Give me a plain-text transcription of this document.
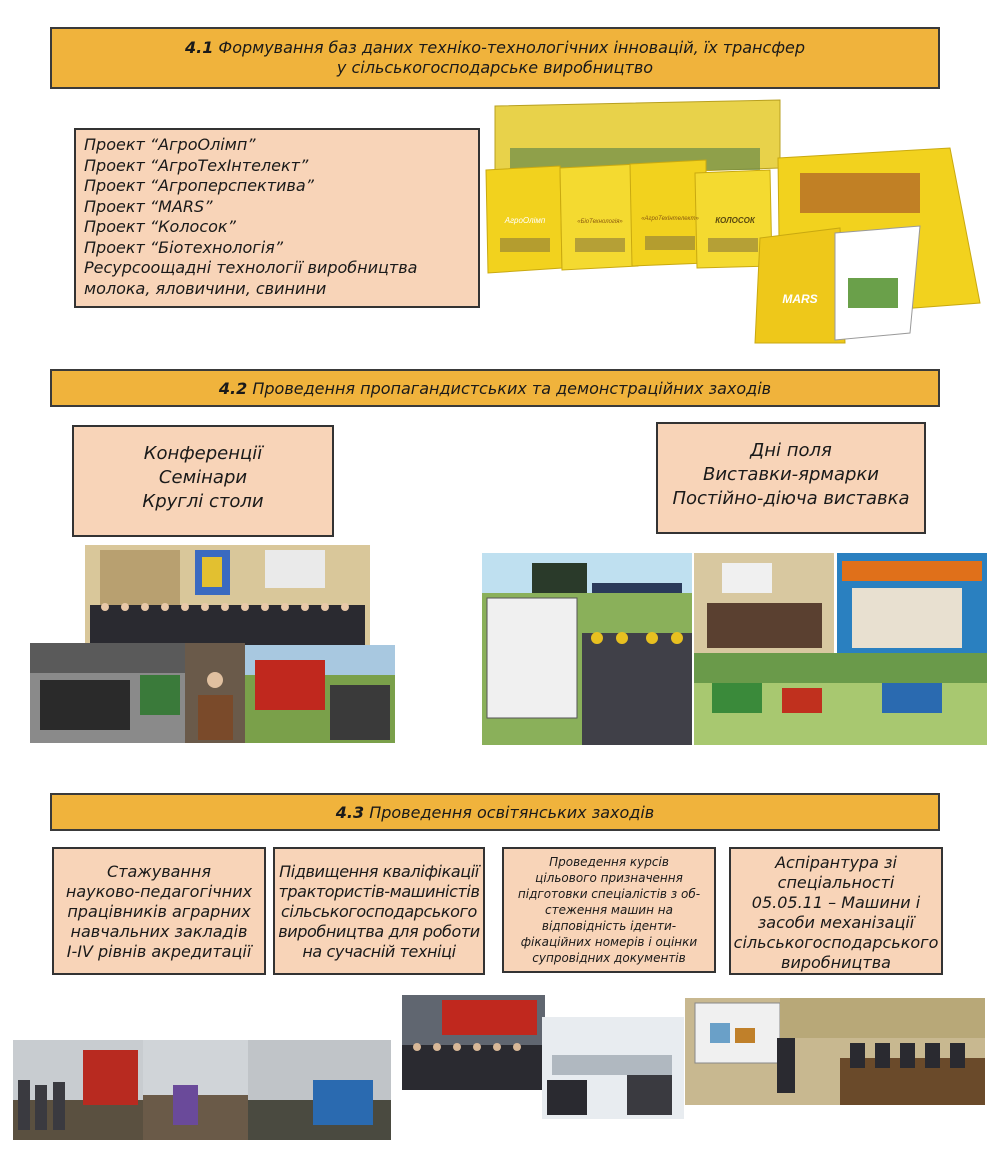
4.1 Формування баз даних техніко-технологічних інновацій, їх трансфер
у сільськогосподарське виробництво
Проект “АгроОлімп”
Проект “АгроТехІнтелект”
Проект “Агроперспектива”
Проект “MARS”
Проект “Колосок”
Проект “Біотехнологія”
Ресурсоощадні технології виробництва
молока, яловичини, свинини
АгроОлімп	«БіоТехнологія»	«АгроТехІнтелект» КОЛОСОК
MARS
4.2 Проведення пропагандистських та демонстраційних заходів
Конференції
Семінари
Круглі столи
Дні поля
Виставки-ярмарки
Постійно-діюча виставка
4.3 Проведення освітянських заходів
Стажування
науково-педагогічних
працівників аграрних
навчальних закладів
I-IV рівнів акредитації
Підвищення кваліфікації
трактористів-машиністів
сільськогосподарського
виробництва для роботи
на сучасній техніці
Проведення курсів
цільового призначення
підготовки спеціалістів з об-
стеження машин на
відповідність іденти-
фікаційних номерів і оцінки
супровідних документів
Аспірантура зі
спеціальності
05.05.11 – Машини і
засоби механізації
сільськогосподарського
виробництва
